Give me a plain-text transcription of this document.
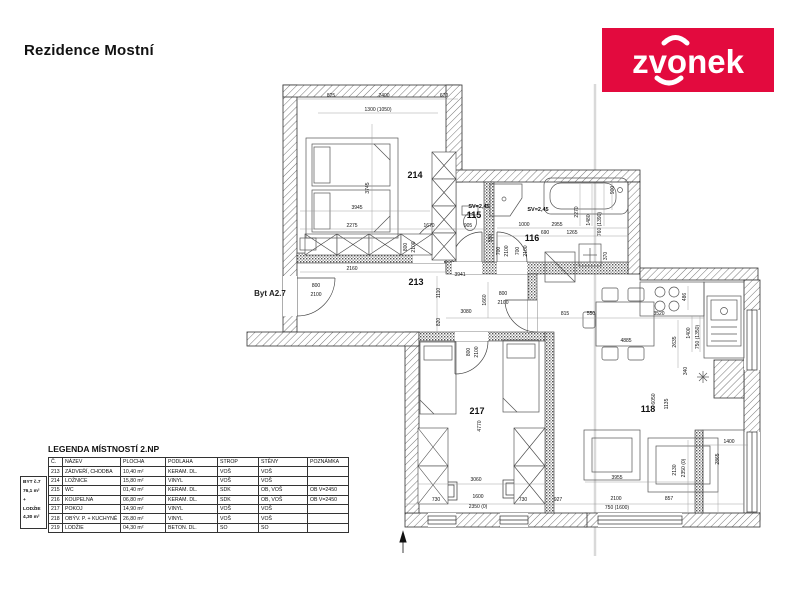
Rezidence Mostní	zvonek
Byt A2.7
825	2400	670
1300 (1050)
3745
3945
2275	1670
800 2100
2160
3941
800
2100	1110
820
905
550
700 2100
1000
690
2955
1265
2270
1480 760 (1390)
900
700 2100	370
3080
1660
800
2100
815	550	3520
486
2635
1400 750 (1350)
4885
340
6050 1135
4770
800 2100
3060
730	1600
2350 (0)
730	927
3955
2100
750 (1600)
857
2130 2350 (0)
1400
2865
214
213
115
116
217	118
SV=2,45	SV=2,45
LEGENDA MÍSTNOSTÍ 2.NP
BYT č.7
76,1 m²
+
LODŽIE
4,30 m²
Č.	NÁZEV	PLOCHA	PODLAHA	STROP	STĚNY	POZNÁMKA
213	ZÁDVEŘÍ, CHODBA	10,40 m²	KERAM. DL.	VOŠ	VOŠ	
214	LOŽNICE	15,80 m²	VINYL	VOŠ	VOŠ	
215	WC	01,40 m²	KERAM. DL.	SDK	OB, VOŠ	OB V=2450
216	KOUPELNA	06,80 m²	KERAM. DL.	SDK	OB, VOŠ	OB V=2450
217	POKOJ	14,90 m²	VINYL	VOŠ	VOŠ	
218	OBÝV. P. + KUCHYNĚ	26,80 m²	VINYL	VOŠ	VOŠ	
219	LODŽIE	04,30 m²	BETON. DL.	SO	SO	
